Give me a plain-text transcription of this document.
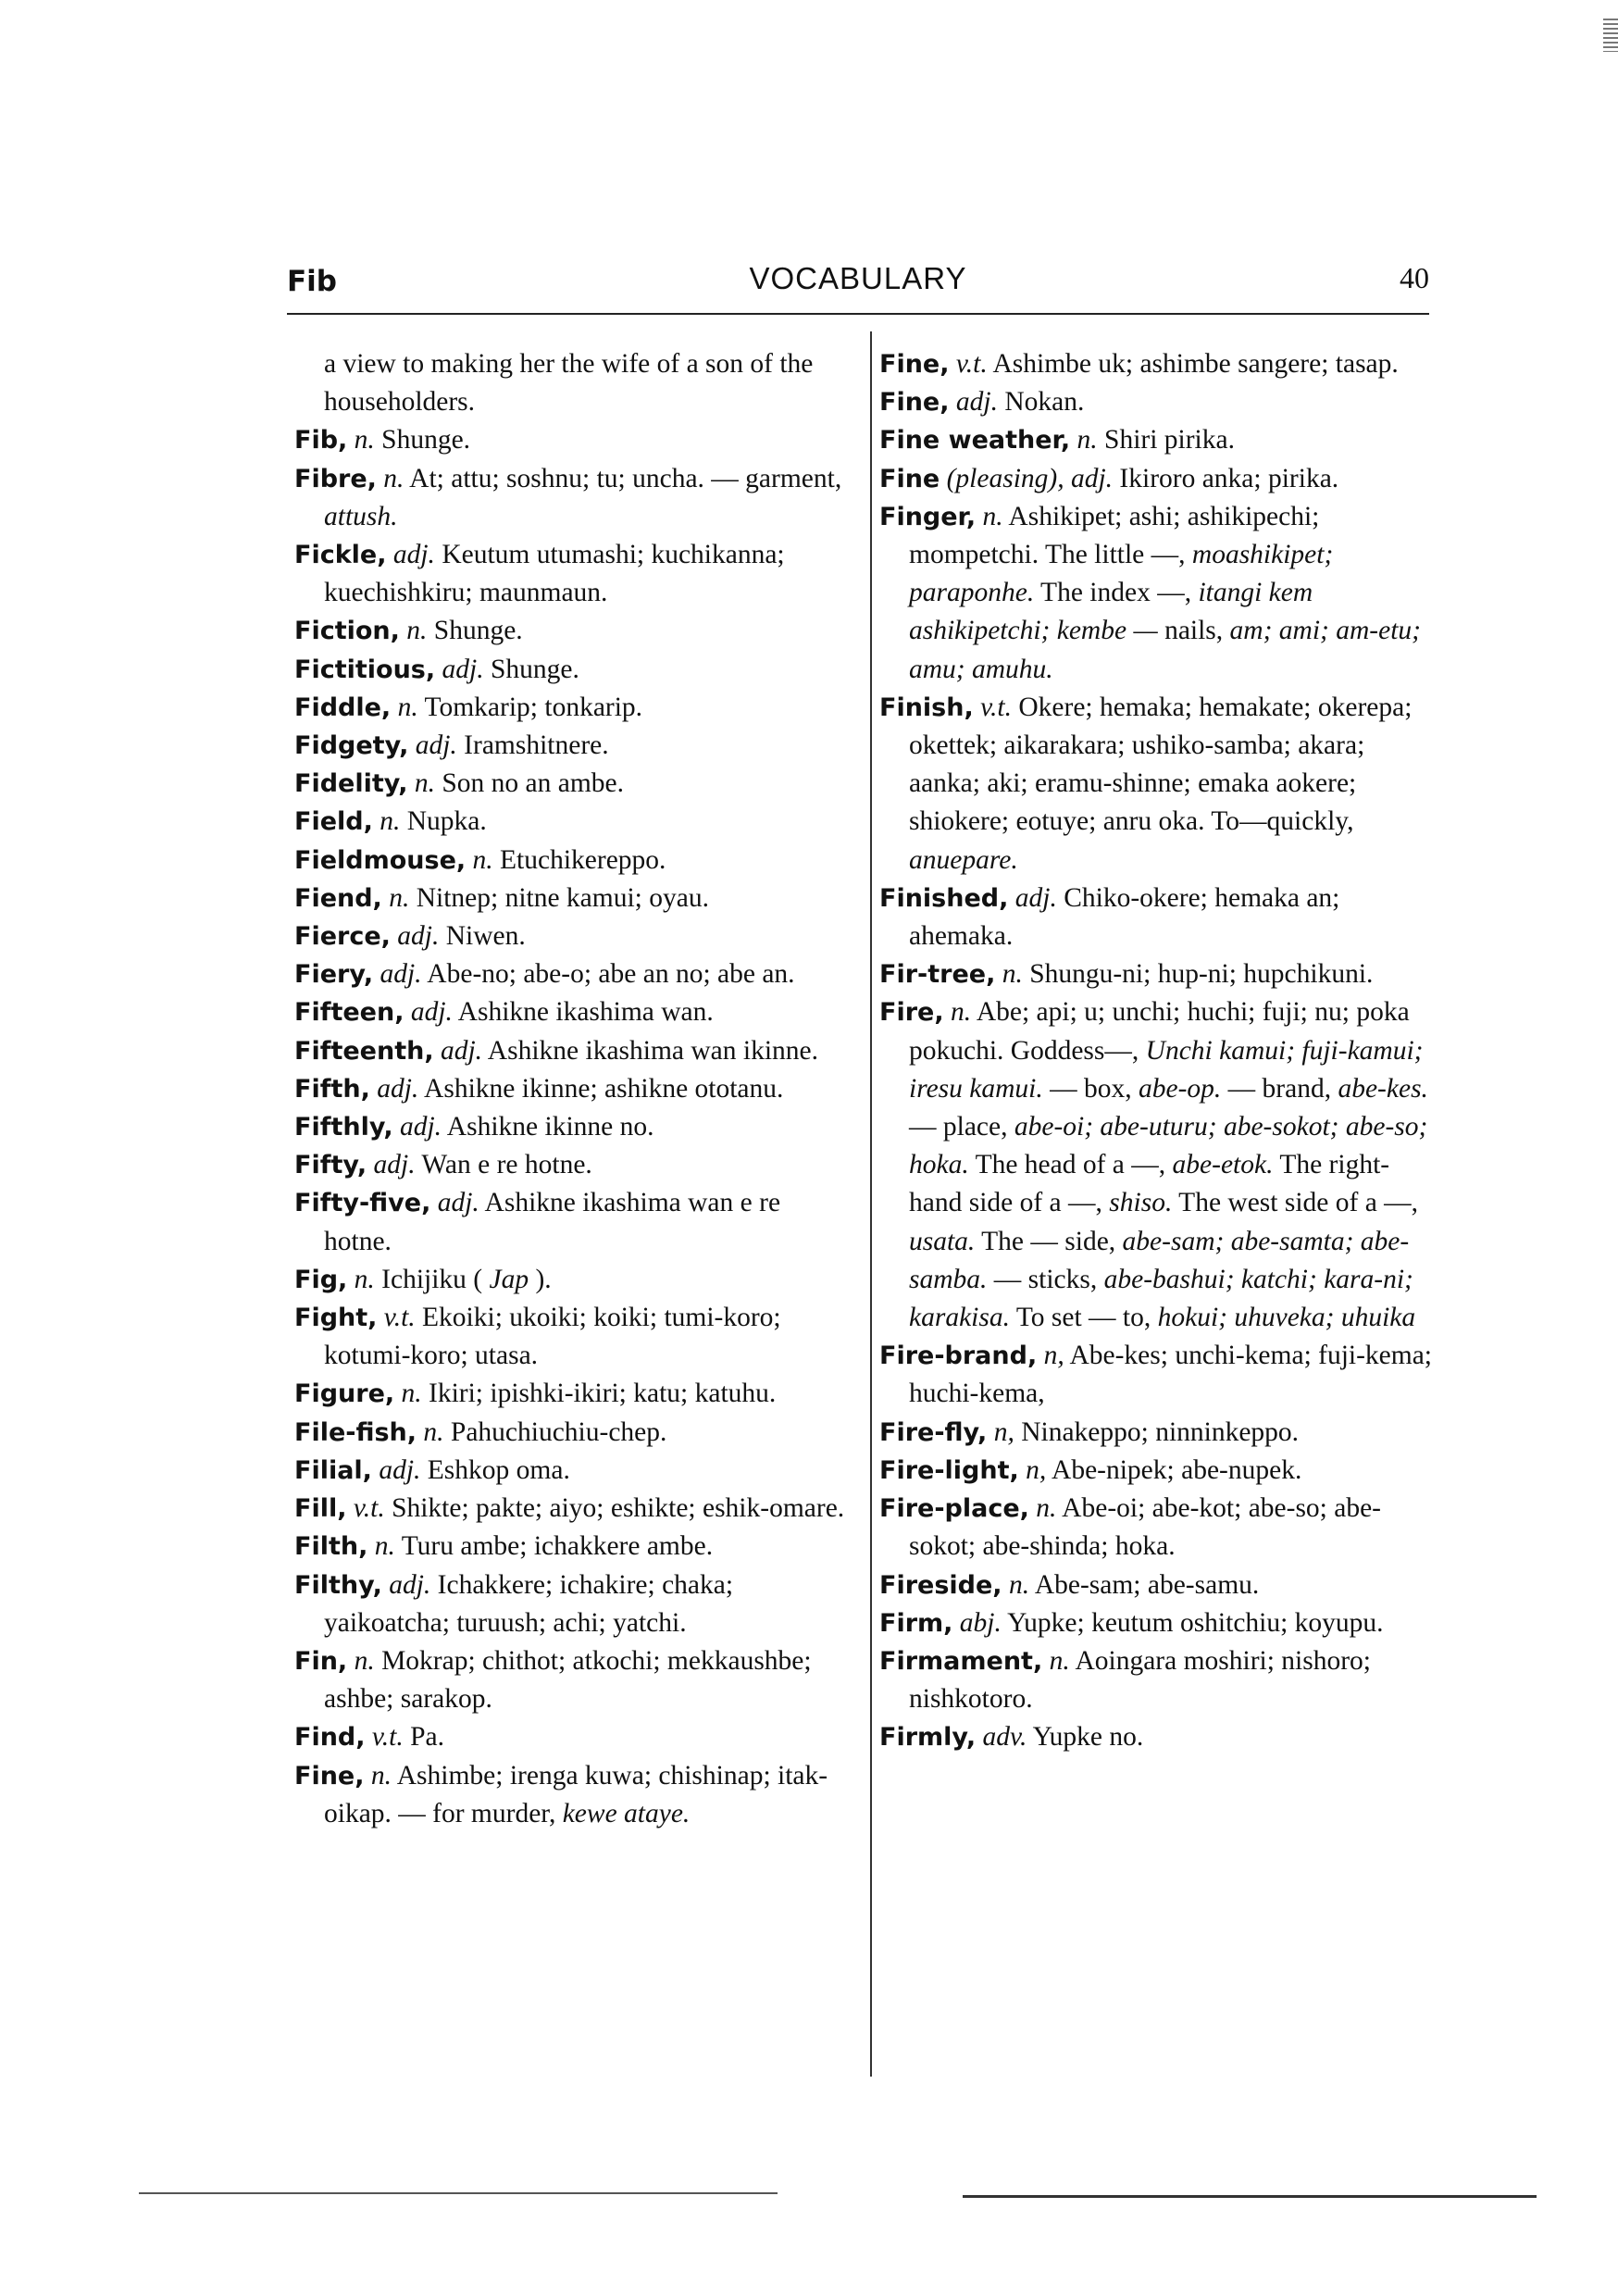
Fib	VOCABULARY	40

a view to making her the wife of a son of the householders.

Fib, n. Shunge.

Fibre, n. At; attu; soshnu; tu; uncha. — garment, attush.

Fickle, adj. Keutum utumashi; kuchikanna; kuechishkiru; maunmaun.

Fiction, n. Shunge.

Fictitious, adj. Shunge.

Fiddle, n. Tomkarip; tonkarip.

Fidgety, adj. Iramshitnere.

Fidelity, n. Son no an ambe.

Field, n. Nupka.

Fieldmouse, n. Etuchikereppo.

Fiend, n. Nitnep; nitne kamui; oyau.

Fierce, adj. Niwen.

Fiery, adj. Abe-no; abe-o; abe an no; abe an.

Fifteen, adj. Ashikne ikashima wan.

Fifteenth, adj. Ashikne ikashima wan ikinne.

Fifth, adj. Ashikne ikinne; ashikne ototanu.

Fifthly, adj. Ashikne ikinne no.

Fifty, adj. Wan e re hotne.

Fifty-five, adj. Ashikne ikashima wan e re hotne.

Fig, n. Ichijiku ( Jap ).

Fight, v.t. Ekoiki; ukoiki; koiki; tumi-koro; kotumi-koro; utasa.

Figure, n. Ikiri; ipishki-ikiri; katu; katuhu.

File-fish, n. Pahuchiuchiu-chep.

Filial, adj. Eshkop oma.

Fill, v.t. Shikte; pakte; aiyo; eshikte; eshik-omare.

Filth, n. Turu ambe; ichakkere ambe.

Filthy, adj. Ichakkere; ichakire; chaka; yaikoatcha; turuush; achi; yatchi.

Fin, n. Mokrap; chithot; atkochi; mekkaushbe; ashbe; sarakop.

Find, v.t. Pa.

Fine, n. Ashimbe; irenga kuwa; chishinap; itak-oikap. — for murder, kewe ataye.

Fine, v.t. Ashimbe uk; ashimbe sangere; tasap.

Fine, adj. Nokan.

Fine weather, n. Shiri pirika.

Fine (pleasing), adj. Ikiroro anka; pirika.

Finger, n. Ashikipet; ashi; ashikipechi; mompetchi. The little —, moashikipet; paraponhe. The index —, itangi kem ashikipetchi; kembe — nails, am; ami; am-etu; amu; amuhu.

Finish, v.t. Okere; hemaka; hemakate; okerepa; okettek; aikarakara; ushiko-samba; akara; aanka; aki; eramu-shinne; emaka aokere; shiokere; eotuye; anru oka. To—quickly, anuepare.

Finished, adj. Chiko-okere; hemaka an; ahemaka.

Fir-tree, n. Shungu-ni; hup-ni; hupchikuni.

Fire, n. Abe; api; u; unchi; huchi; fuji; nu; poka pokuchi. Goddess—, Unchi kamui; fuji-kamui; iresu kamui. — box, abe-op. — brand, abe-kes. — place, abe-oi; abe-uturu; abe-sokot; abe-so; hoka. The head of a —, abe-etok. The right-hand side of a —, shiso. The west side of a —, usata. The — side, abe-sam; abe-samta; abe-samba. — sticks, abe-bashui; katchi; kara-ni; karakisa. To set — to, hokui; uhuveka; uhuika

Fire-brand, n, Abe-kes; unchi-kema; fuji-kema; huchi-kema,

Fire-fly, n, Ninakeppo; ninninkeppo.

Fire-light, n, Abe-nipek; abe-nupek.

Fire-place, n. Abe-oi; abe-kot; abe-so; abe-sokot; abe-shinda; hoka.

Fireside, n. Abe-sam; abe-samu.

Firm, abj. Yupke; keutum oshitchiu; koyupu.

Firmament, n. Aoingara moshiri; nishoro; nishkotoro.

Firmly, adv. Yupke no.
